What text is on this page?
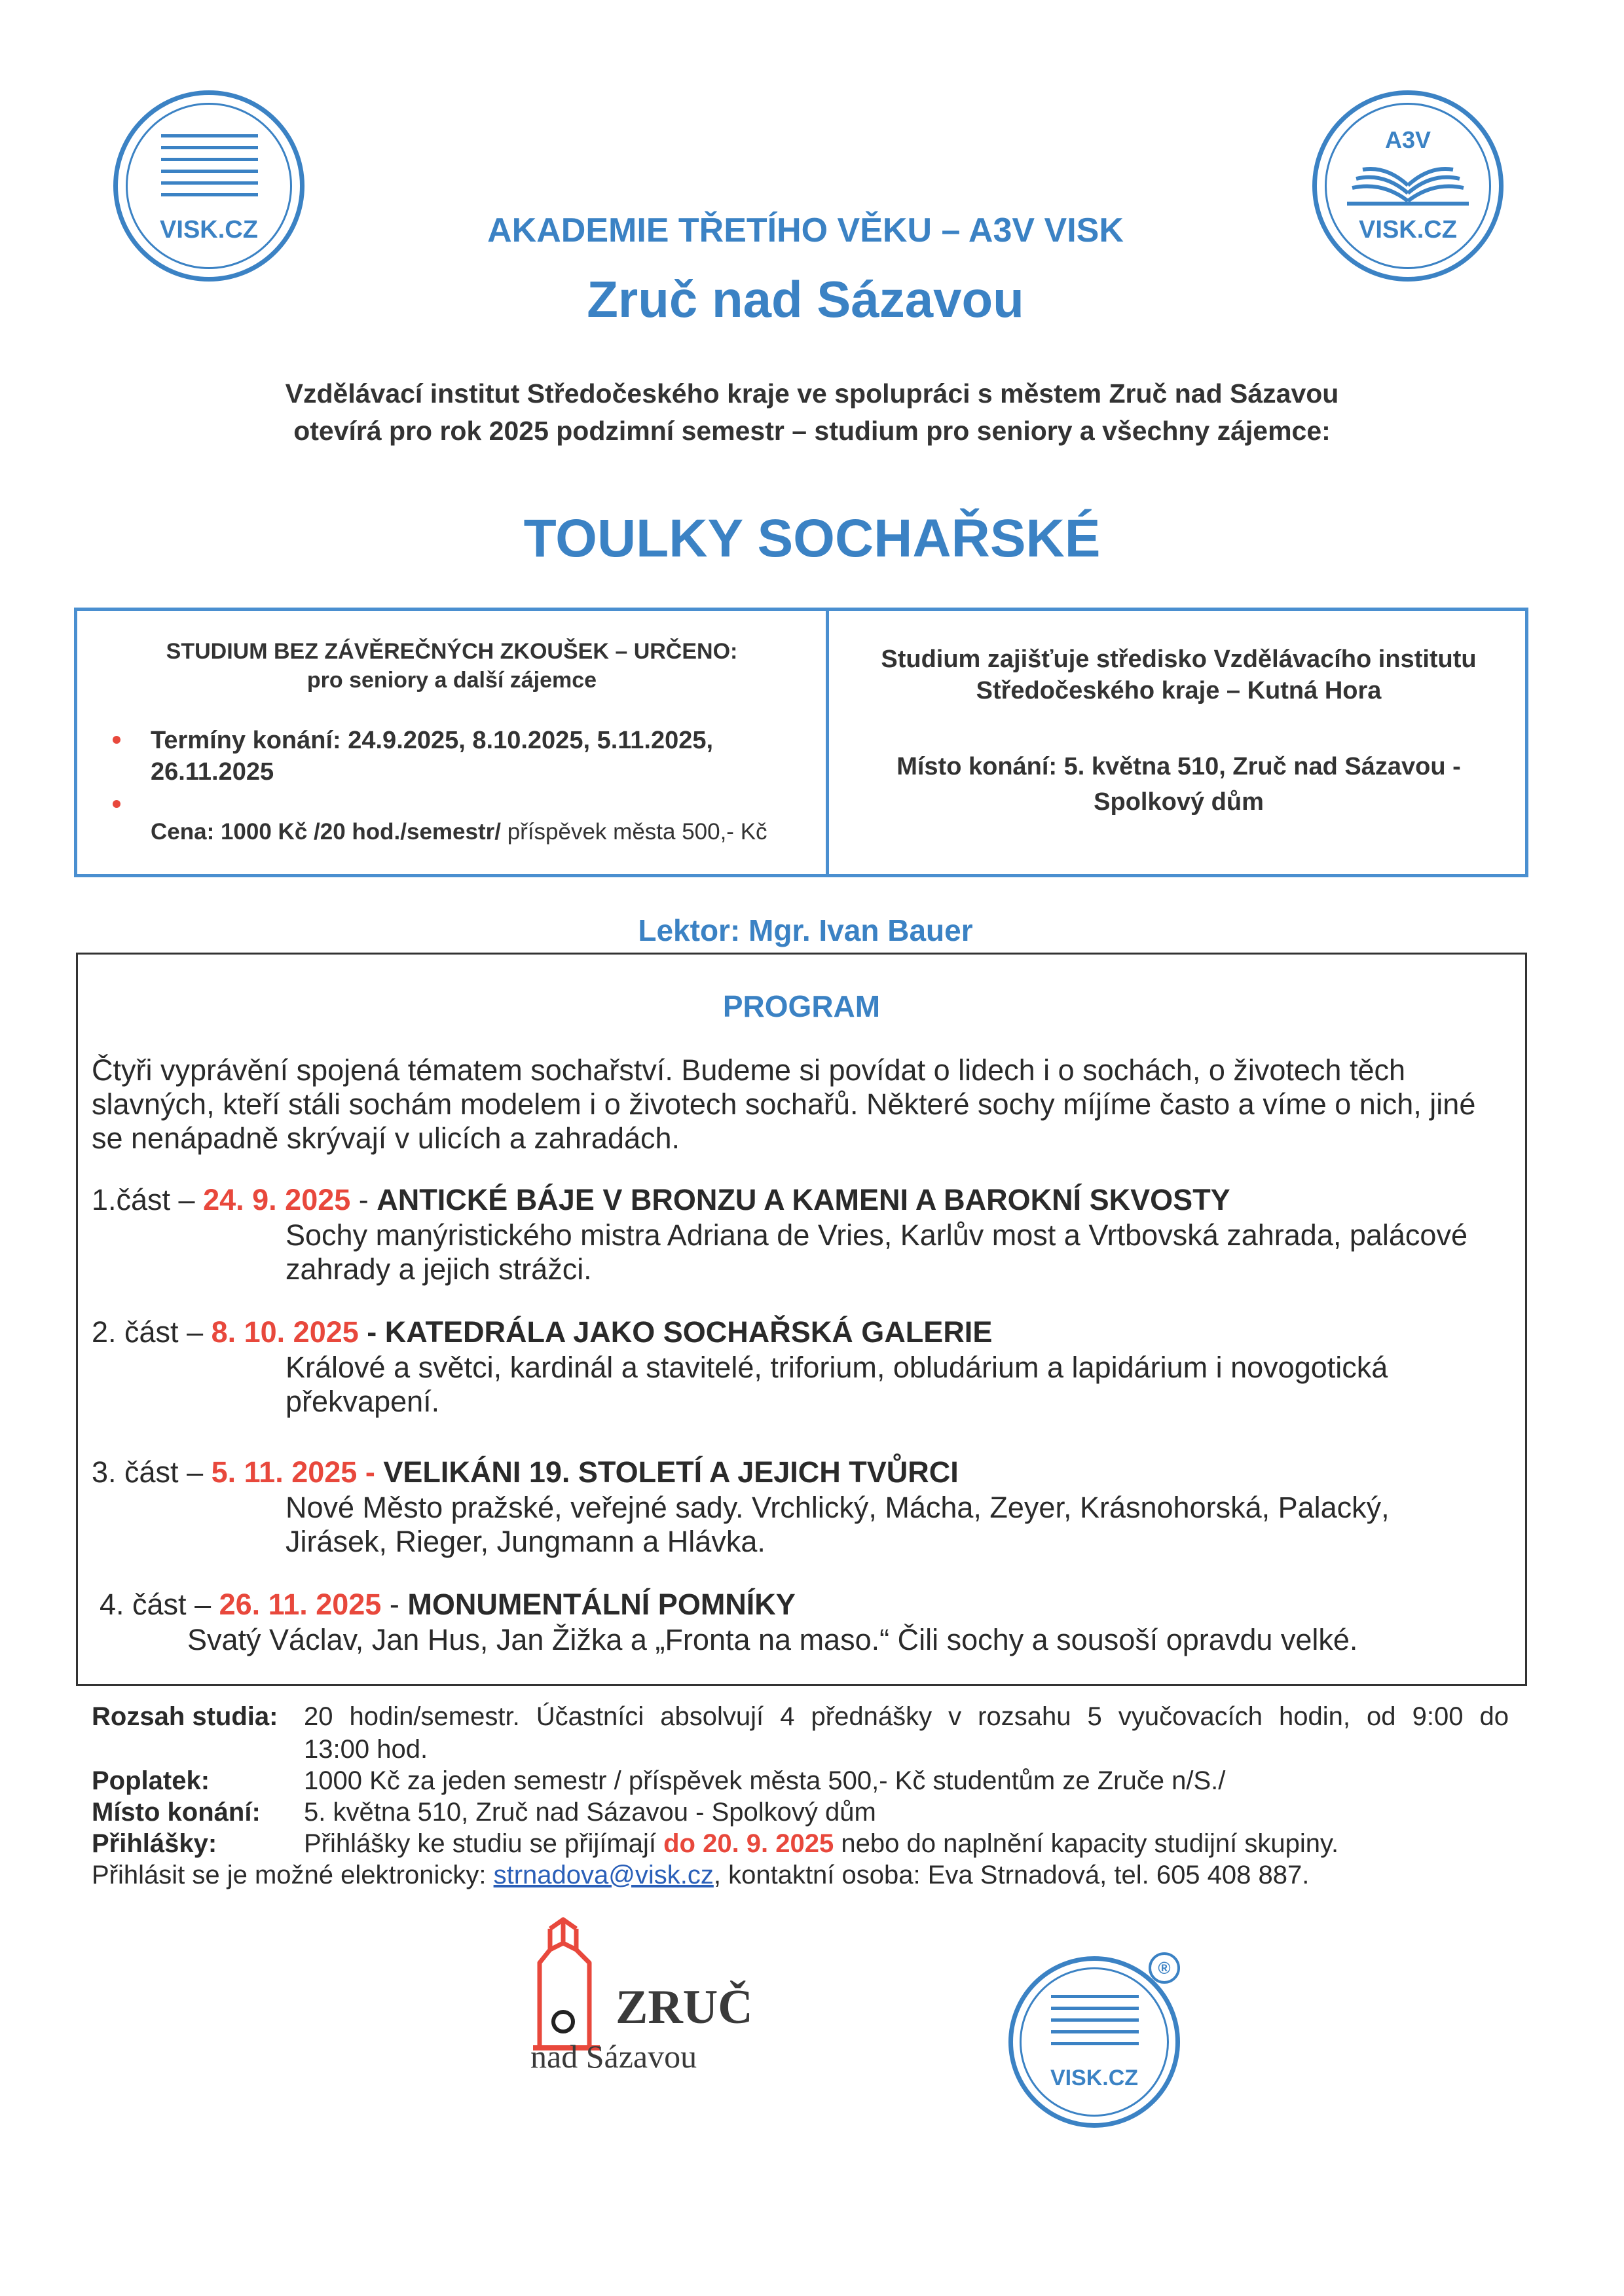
VISK.CZ
A3V
VISK.CZ
AKADEMIE TŘETÍHO VĚKU – A3V VISK
Zruč nad Sázavou
Vzdělávací institut Středočeského kraje ve spolupráci s městem Zruč nad Sázavou
otevírá pro rok 2025 podzimní semestr – studium pro seniory a všechny zájemce:
TOULKY SOCHAŘSKÉ
STUDIUM BEZ ZÁVĚREČNÝCH ZKOUŠEK – URČENO:
pro seniory a další zájemce
Termíny konání: 24.9.2025, 8.10.2025, 5.11.2025,
26.11.2025
Cena: 1000 Kč /20 hod./semestr/ příspěvek města 500,- Kč
Studium zajišťuje středisko Vzdělávacího institutu
Středočeského kraje – Kutná Hora
Místo konání: 5. května 510, Zruč nad Sázavou -
Spolkový dům
Lektor: Mgr. Ivan Bauer
PROGRAM
Čtyři vyprávění spojená tématem sochařství. Budeme si povídat o lidech i o sochách, o životech těch
slavných, kteří stáli sochám modelem i o životech sochařů. Některé sochy míjíme často a víme o nich, jiné
se nenápadně skrývají v ulicích a zahradách.
1.část – 24. 9. 2025 - ANTICKÉ BÁJE V BRONZU A KAMENI A BAROKNÍ SKVOSTY
Sochy manýristického mistra Adriana de Vries, Karlův most a Vrtbovská zahrada, palácové
zahrady a jejich strážci.
2. část – 8. 10. 2025 - KATEDRÁLA JAKO SOCHAŘSKÁ GALERIE
Králové a světci, kardinál a stavitelé, triforium, obludárium a lapidárium i novogotická
překvapení.
3. část – 5. 11. 2025 - VELIKÁNI 19. STOLETÍ A JEJICH TVŮRCI
Nové Město pražské, veřejné sady. Vrchlický, Mácha, Zeyer, Krásnohorská, Palacký,
Jirásek, Rieger, Jungmann a Hlávka.
4. část – 26. 11. 2025 - MONUMENTÁLNÍ POMNÍKY
Svatý Václav, Jan Hus, Jan Žižka a „Fronta na maso.“ Čili sochy a sousoší opravdu velké.
Rozsah studia: 20 hodin/semestr. Účastníci absolvují 4 přednášky v rozsahu 5 vyučovacích hodin, od 9:00 do
13:00 hod.
Poplatek:	1000 Kč za jeden semestr / příspěvek města 500,- Kč studentům ze Zruče n/S./
Místo konání: 5. května 510, Zruč nad Sázavou - Spolkový dům
Přihlášky:	Přihlášky ke studiu se přijímají do 20. 9. 2025 nebo do naplnění kapacity studijní skupiny.
Přihlásit se je možné elektronicky: strnadova@visk.cz, kontaktní osoba: Eva Strnadová, tel. 605 408 887.
ZRUČ
nad Sázavou
VISK.CZ
®
